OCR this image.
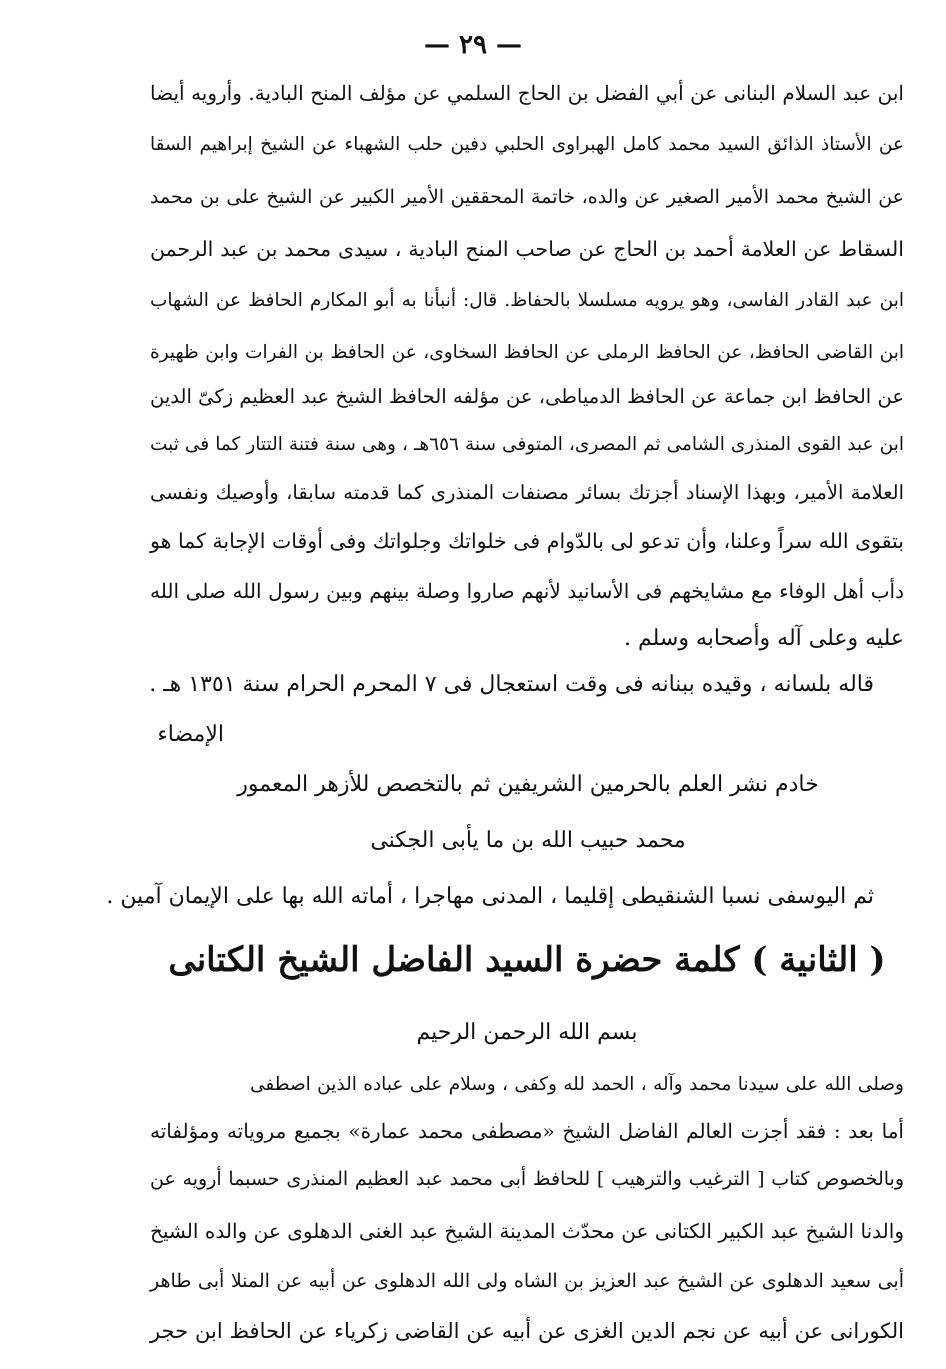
— ٢٩ —
ابن عبد السلام البنانى عن أبي الفضل بن الحاج السلمي عن مؤلف المنح البادية. وأرويه أيضا
عن الأستاذ الذائق السيد محمد كامل الهبراوى الحلبي دفين حلب الشهباء عن الشيخ إبراهيم السقا
عن الشيخ محمد الأمير الصغير عن والده، خاتمة المحققين الأمير الكبير عن الشيخ على بن محمد
السقاط عن العلامة أحمد بن الحاج عن صاحب المنح البادية ، سيدى محمد بن عبد الرحمن
ابن عبد القادر الفاسى، وهو يرويه مسلسلا بالحفاظ. قال: أنبأنا به أبو المكارم الحافظ عن الشهاب
ابن القاضى الحافظ، عن الحافظ الرملى عن الحافظ السخاوى، عن الحافظ بن الفرات وابن ظهيرة
عن الحافظ ابن جماعة عن الحافظ الدمياطى، عن مؤلفه الحافظ الشيخ عبد العظيم زكىّ الدين
ابن عبد القوى المنذرى الشامى ثم المصرى، المتوفى سنة ٦٥٦هـ ، وهى سنة فتنة التتار كما فى ثبت
العلامة الأمير، وبهذا الإسناد أجزتك بسائر مصنفات المنذرى كما قدمته سابقا، وأوصيك ونفسى
بتقوى الله سراً وعلنا، وأن تدعو لى بالدّوام فى خلواتك وجلواتك وفى أوقات الإجابة كما هو
دأب أهل الوفاء مع مشايخهم فى الأسانيد لأنهم صاروا وصلة بينهم وبين رسول الله صلى الله
عليه وعلى آله وأصحابه وسلم .
قاله بلسانه ، وقيده ببنانه فى وقت استعجال فى ٧ المحرم الحرام سنة ١٣٥١ هـ .
الإمضاء
خادم نشر العلم بالحرمين الشريفين ثم بالتخصص للأزهر المعمور
محمد حبيب الله بن ما يأبى الجكنى
ثم اليوسفى نسبا الشنقيطى إقليما ، المدنى مهاجرا ، أماته الله بها على الإيمان آمين .
( الثانية ) كلمة حضرة السيد الفاضل الشيخ الكتانى
بسم الله الرحمن الرحيم
وصلى الله على سيدنا محمد وآله ، الحمد لله وكفى ، وسلام على عباده الذين اصطفى
أما بعد : فقد أجزت العالم الفاضل الشيخ «مصطفى محمد عمارة» بجميع مروياته ومؤلفاته
وبالخصوص كتاب [ الترغيب والترهيب ] للحافظ أبى محمد عبد العظيم المنذرى حسبما أرويه عن
والدنا الشيخ عبد الكبير الكتانى عن محدّث المدينة الشيخ عبد الغنى الدهلوى عن والده الشيخ
أبى سعيد الدهلوى عن الشيخ عبد العزيز بن الشاه ولى الله الدهلوى عن أبيه عن المنلا أبى طاهر
الكورانى عن أبيه عن نجم الدين الغزى عن أبيه عن القاضى زكرياء عن الحافظ ابن حجر
